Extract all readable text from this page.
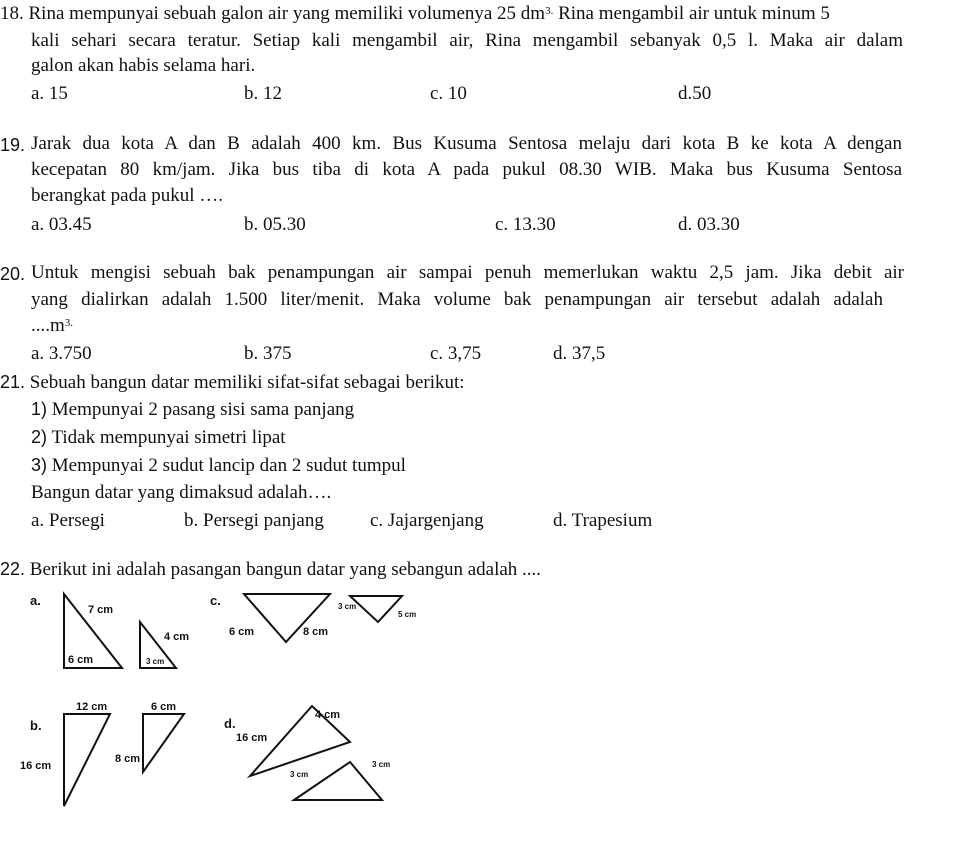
18. Rina mempunyai sebuah galon air yang memiliki volumenya 25 $dm^{3.}$ Rina mengambil air untuk minum 5
kali sehari secara teratur. Setiap kali mengambil air, Rina mengambil sebanyak 0,5 l. Maka air dalam
galon akan habis selama hari.
a. 15	b. 12	c. 10	d.50
19. Jarak dua kota A dan B adalah 400 km. Bus Kusuma Sentosa melaju dari kota B ke kota A dengan
kecepatan 80 km/jam. Jika bus tiba di kota A pada pukul 08.30 WIB. Maka bus Kusuma Sentosa
berangkat pada pukul ….
a. 03.45	b. 05.30	c. 13.30	d. 03.30
20. Untuk mengisi sebuah bak penampungan air sampai penuh memerlukan waktu 2,5 jam. Jika debit air
yang dialirkan adalah 1.500 liter/menit. Maka volume bak penampungan air tersebut adalah adalah
$....m^{3.}$
a. 3.750	b. 375	c. 3,75	d. 37,5
21. Sebuah bangun datar memiliki sifat-sifat sebagai berikut:
1) Mempunyai 2 pasang sisi sama panjang
2) Tidak mempunyai simetri lipat
3) Mempunyai 2 sudut lancip dan 2 sudut tumpul
Bangun datar yang dimaksud adalah….
a. Persegi	b. Persegi panjang c. Jajargenjang	d. Trapesium
22. Berikut ini adalah pasangan bangun datar yang sebangun adalah ....
a.	c.
b.	d.
7 cm
6 cm
4 cm
3 cm
6 cm	8 cm
3 cm
5 cm
12 cm
16 cm
6 cm
8 cm
4 cm
16 cm
3 cm
3 cm
